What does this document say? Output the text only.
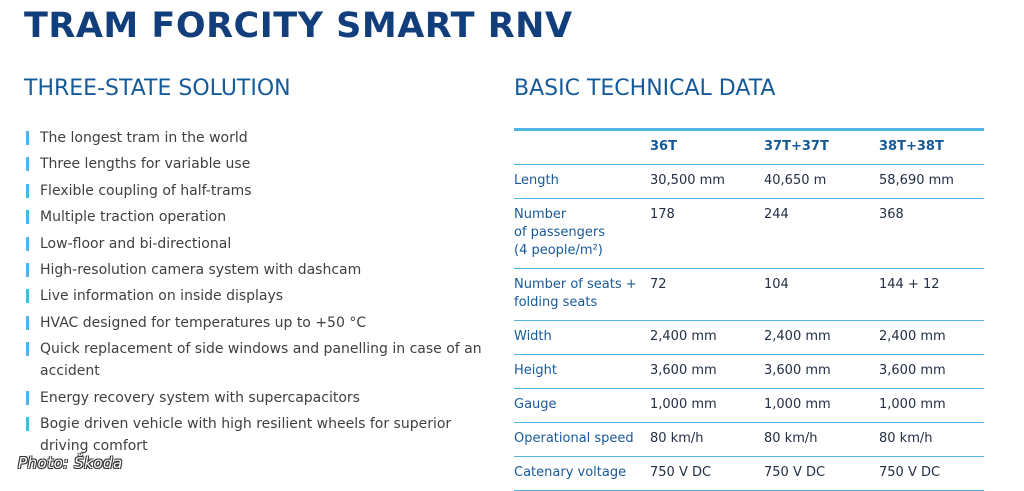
TRAM FORCITY SMART RNV
THREE-STATE SOLUTION
The longest tram in the world
Three lengths for variable use
Flexible coupling of half-trams
Multiple traction operation
Low-floor and bi-directional
High-resolution camera system with dashcam
Live information on inside displays
HVAC designed for temperatures up to +50 °C
Quick replacement of side windows and panelling in case of an accident
Energy recovery system with supercapacitors
Bogie driven vehicle with high resilient wheels for superior driving comfort
BASIC TECHNICAL DATA
	36T	37T+37T	38T+38T
Length	30,500 mm	40,650 m	58,690 mm
Number
of passengers
(4 people/m²)	178	244	368
Number of seats +
folding seats	72	104	144 + 12
Width	2,400 mm	2,400 mm	2,400 mm
Height	3,600 mm	3,600 mm	3,600 mm
Gauge	1,000 mm	1,000 mm	1,000 mm
Operational speed	80 km/h	80 km/h	80 km/h
Catenary voltage	750 V DC	750 V DC	750 V DC
Photo: Škoda
